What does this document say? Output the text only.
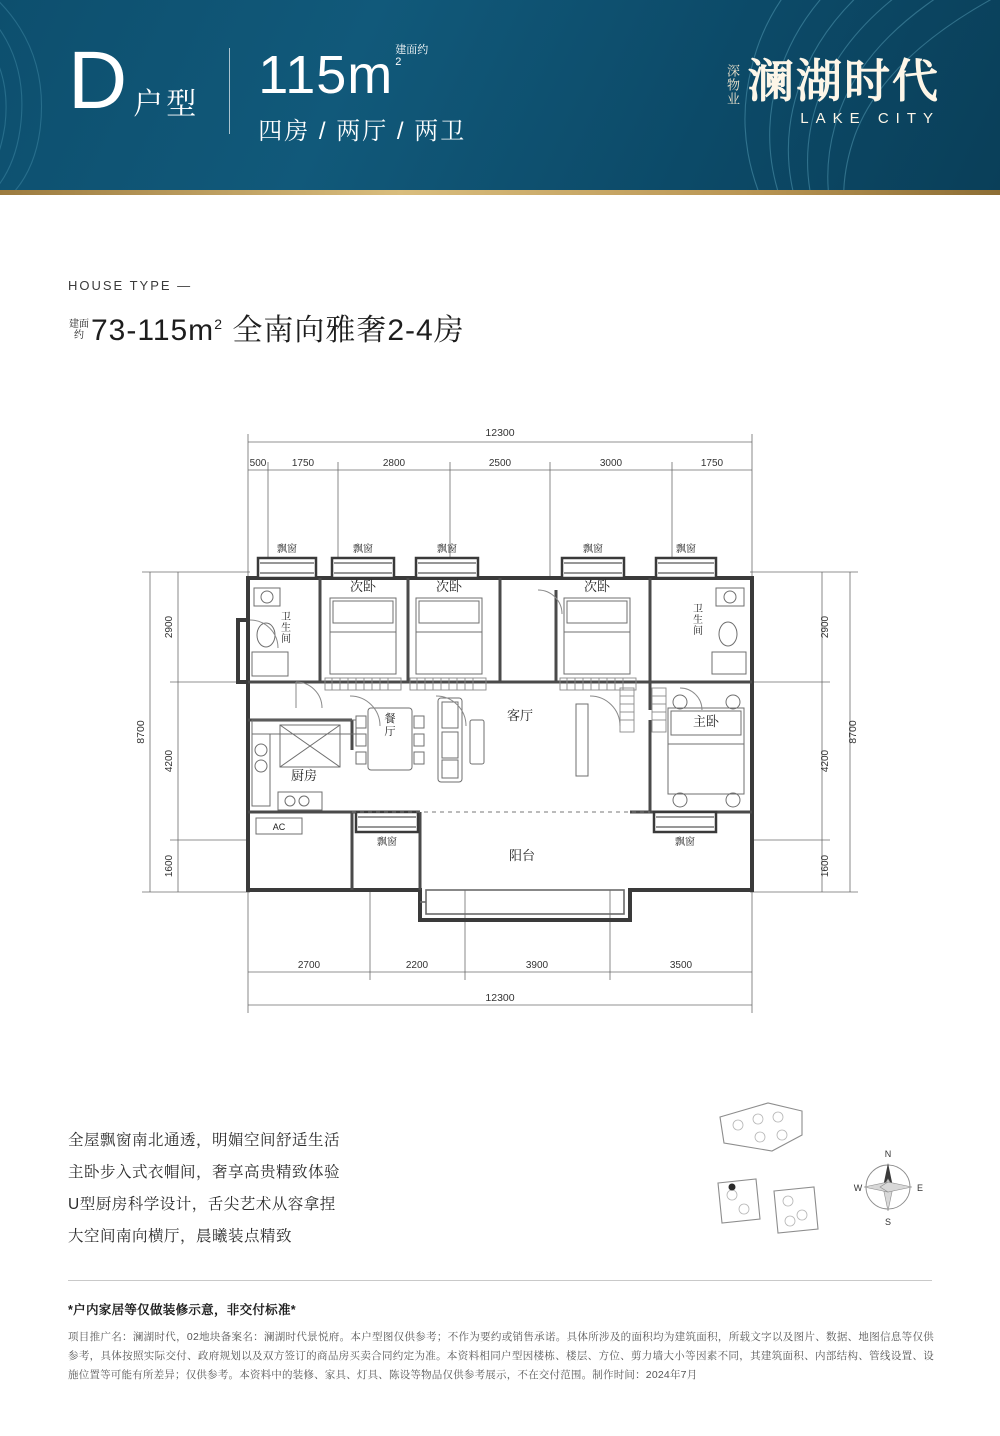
D 户型 115m 建面约
$^2$
四房 / 两厅 / 两卫
深物业 澜湖时代
LAKE CITY
HOUSE TYPE —
建面约 $73-115m^2$ 全南向雅奢2-4房
12300
500	1750	2800	2500	3000	1750
8700
2900
4200
1600
8700
2900
4200
1600
2700	2200	3900	3500
12300
次卧	次卧	次卧
主卧
客厅
餐厅
厨房
阳台
卫生间
卫生间
飘窗	飘窗	飘窗	飘窗	飘窗
飘窗	飘窗
AC
全屋飘窗南北通透，明媚空间舒适生活
主卧步入式衣帽间，奢享高贵精致体验
U型厨房科学设计，舌尖艺术从容拿捏
大空间南向横厅，晨曦装点精致
N
S
E
W
*户内家居等仅做装修示意，非交付标准*
项目推广名：澜湖时代，02地块备案名：澜湖时代景悦府。本户型图仅供参考；不作为要约或销售承诺。具体所涉及的面积均为建筑面积，所载文字以及图片、数据、地图信息等仅供参考，具体按照实际交付、政府规划以及双方签订的商品房买卖合同约定为准。本资料相同户型因楼栋、楼层、方位、剪力墙大小等因素不同，其建筑面积、内部结构、管线设置、设施位置等可能有所差异；仅供参考。本资料中的装修、家具、灯具、陈设等物品仅供参考展示，不在交付范围。制作时间：2024年7月
